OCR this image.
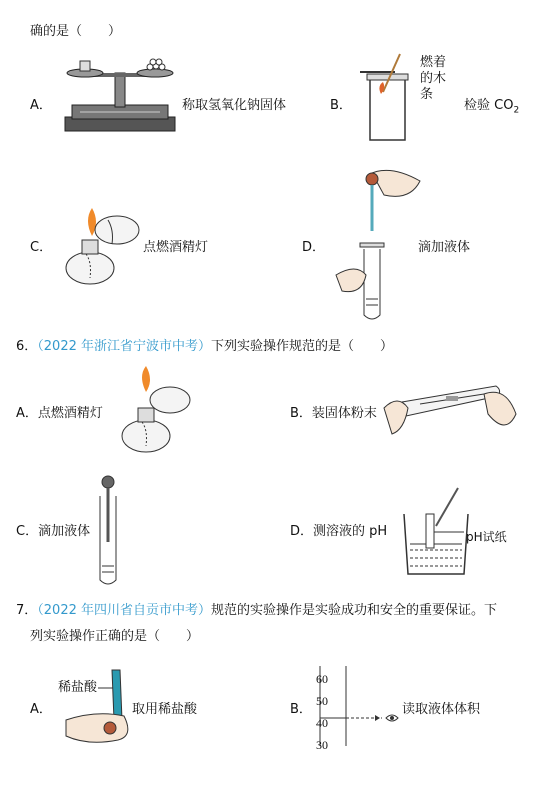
确的是（　　）
A．	称取氢氧化钠固体	B．
燃着
的木
条
检验 $CO_2$
C．	点燃酒精灯	D．	滴加液体
6．（2022 年浙江省宁波市中考）下列实验操作规范的是（　　）
A．点燃酒精灯	B．装固体粉末
C．滴加液体	D．测溶液的 pH	pH试纸
7．（2022 年四川省自贡市中考）规范的实验操作是实验成功和安全的重要保证。下
列实验操作正确的是（　　）
A．
稀盐酸
取用稀盐酸	B．
60
50
40
30
读取液体体积
